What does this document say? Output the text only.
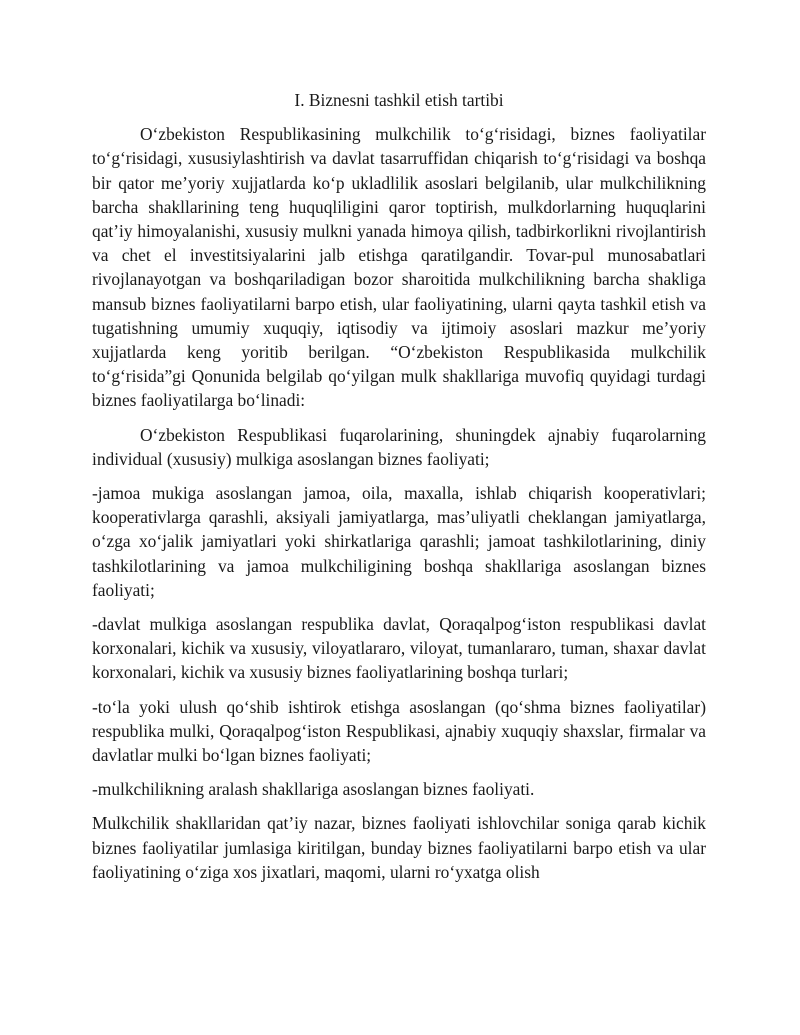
I. Biznesni tashkil etish tartibi

O‘zbekiston Respublikasining mulkchilik to‘g‘risidagi, biznes faoliyatilar to‘g‘risidagi, xususiylashtirish va davlat tasarruffidan chiqarish to‘g‘risidagi va boshqa bir qator me’yoriy xujjatlarda ko‘p ukladlilik asoslari belgilanib, ular mulkchilikning barcha shakllarining teng huquqliligini qaror toptirish, mulkdorlarning huquqlarini qat’iy himoyalanishi, xususiy mulkni yanada himoya qilish, tadbirkorlikni rivojlantirish va chet el investitsiyalarini jalb etishga qaratilgandir. Tovar-pul munosabatlari rivojlanayotgan va boshqariladigan bozor sharoitida mulkchilikning barcha shakliga mansub biznes faoliyatilarni barpo etish, ular faoliyatining, ularni qayta tashkil etish va tugatishning umumiy xuquqiy, iqtisodiy va ijtimoiy asoslari mazkur me’yoriy xujjatlarda keng yoritib berilgan. “O‘zbekiston Respublikasida mulkchilik to‘g‘risida”gi Qonunida belgilab qo‘yilgan mulk shakllariga muvofiq quyidagi turdagi biznes faoliyatilarga bo‘linadi:

O‘zbekiston Respublikasi fuqarolarining, shuningdek ajnabiy fuqarolarning individual (xususiy) mulkiga asoslangan biznes faoliyati;

-jamoa mukiga asoslangan jamoa, oila, maxalla, ishlab chiqarish kooperativlari; kooperativlarga qarashli, aksiyali jamiyatlarga, mas’uliyatli cheklangan jamiyatlarga, o‘zga xo‘jalik jamiyatlari yoki shirkatlariga qarashli; jamoat tashkilotlarining, diniy tashkilotlarining va jamoa mulkchiligining boshqa shakllariga asoslangan biznes faoliyati;

-davlat mulkiga asoslangan respublika davlat, Qoraqalpog‘iston respublikasi davlat korxonalari, kichik va xususiy, viloyatlararo, viloyat, tumanlararo, tuman, shaxar davlat korxonalari, kichik va xususiy biznes faoliyatlarining boshqa turlari;

-to‘la yoki ulush qo‘shib ishtirok etishga asoslangan (qo‘shma biznes faoliyatilar) respublika mulki, Qoraqalpog‘iston Respublikasi, ajnabiy xuquqiy shaxslar, firmalar va davlatlar mulki bo‘lgan biznes faoliyati;

-mulkchilikning aralash shakllariga asoslangan biznes faoliyati.

Mulkchilik shakllaridan qat’iy nazar, biznes faoliyati ishlovchilar soniga qarab kichik biznes faoliyatilar jumlasiga kiritilgan, bunday biznes faoliyatilarni barpo etish va ular faoliyatining o‘ziga xos jixatlari, maqomi, ularni ro‘yxatga olish
